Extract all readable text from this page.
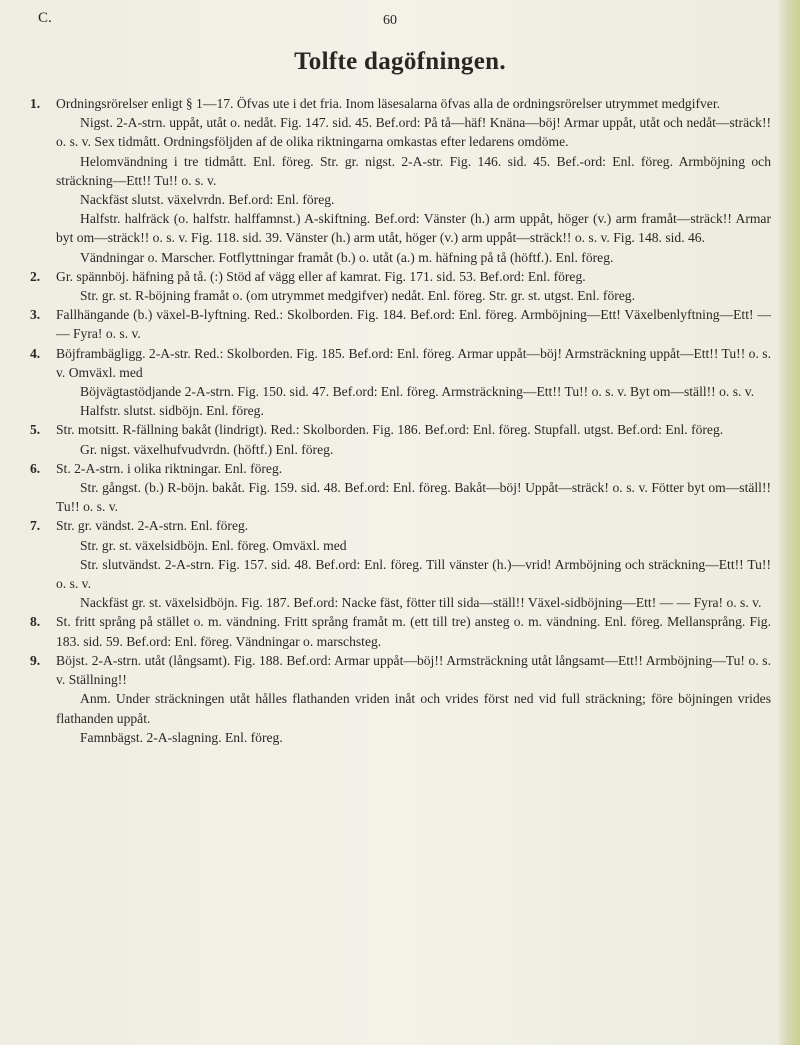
C.	60
Tolfte dagöfningen.

1. Ordningsrörelser enligt § 1—17. Öfvas ute i det fria. Inom läsesalarna öfvas alla de ordningsrörelser utrymmet medgifver.

Nigst. 2-A-strn. uppåt, utåt o. nedåt. Fig. 147. sid. 45. Bef.ord: På tå—häf! Knäna—böj! Armar uppåt, utåt och nedåt—sträck!! o. s. v. Sex tidmått. Ordningsföljden af de olika riktningarna omkastas efter ledarens omdöme.

Helomvändning i tre tidmått. Enl. föreg. Str. gr. nigst. 2-A-str. Fig. 146. sid. 45. Bef.-ord: Enl. föreg. Armböjning och sträckning—Ett!! Tu!! o. s. v.

Nackfäst slutst. växelvrdn. Bef.ord: Enl. föreg.

Halfstr. halfräck (o. halfstr. halffamnst.) A-skiftning. Bef.ord: Vänster (h.) arm uppåt, höger (v.) arm framåt—sträck!! Armar byt om—sträck!! o. s. v. Fig. 118. sid. 39. Vänster (h.) arm utåt, höger (v.) arm uppåt—sträck!! o. s. v. Fig. 148. sid. 46.

Vändningar o. Marscher. Fotflyttningar framåt (b.) o. utåt (a.) m. häfning på tå (höftf.). Enl. föreg.

2. Gr. spännböj. häfning på tå. (:) Stöd af vägg eller af kamrat. Fig. 171. sid. 53. Bef.ord: Enl. föreg.

Str. gr. st. R-böjning framåt o. (om utrymmet medgifver) nedåt. Enl. föreg. Str. gr. st. utgst. Enl. föreg.

3. Fallhängande (b.) växel-B-lyftning. Red.: Skolborden. Fig. 184. Bef.ord: Enl. föreg. Armböjning—Ett! Växelbenlyftning—Ett! — — Fyra! o. s. v.

4. Böjframbägligg. 2-A-str. Red.: Skolborden. Fig. 185. Bef.ord: Enl. föreg. Armar uppåt—böj! Armsträckning uppåt—Ett!! Tu!! o. s. v. Omväxl. med

Böjvägtastödjande 2-A-strn. Fig. 150. sid. 47. Bef.ord: Enl. föreg. Armsträckning—Ett!! Tu!! o. s. v. Byt om—ställ!! o. s. v.

Halfstr. slutst. sidböjn. Enl. föreg.

5. Str. motsitt. R-fällning bakåt (lindrigt). Red.: Skolborden. Fig. 186. Bef.ord: Enl. föreg. Stupfall. utgst. Bef.ord: Enl. föreg.

Gr. nigst. växelhufvudvrdn. (höftf.) Enl. föreg.

6. St. 2-A-strn. i olika riktningar. Enl. föreg.

Str. gångst. (b.) R-böjn. bakåt. Fig. 159. sid. 48. Bef.ord: Enl. föreg. Bakåt—böj! Uppåt—sträck! o. s. v. Fötter byt om—ställ!! Tu!! o. s. v.

7. Str. gr. vändst. 2-A-strn. Enl. föreg.

Str. gr. st. växelsidböjn. Enl. föreg. Omväxl. med

Str. slutvändst. 2-A-strn. Fig. 157. sid. 48. Bef.ord: Enl. föreg. Till vänster (h.)—vrid! Armböjning och sträckning—Ett!! Tu!! o. s. v.

Nackfäst gr. st. växelsidböjn. Fig. 187. Bef.ord: Nacke fäst, fötter till sida—ställ!! Växel-sidböjning—Ett! — — Fyra! o. s. v.

8. St. fritt språng på stället o. m. vändning. Fritt språng framåt m. (ett till tre) ansteg o. m. vändning. Enl. föreg. Mellansprång. Fig. 183. sid. 59. Bef.ord: Enl. föreg. Vändningar o. marschsteg.

9. Böjst. 2-A-strn. utåt (långsamt). Fig. 188. Bef.ord: Armar uppåt—böj!! Armsträckning utåt långsamt—Ett!! Armböjning—Tu! o. s. v. Ställning!!

Anm. Under sträckningen utåt hålles flathanden vriden inåt och vrides först ned vid full sträckning; före böjningen vrides flathanden uppåt.

Famnbägst. 2-A-slagning. Enl. föreg.
